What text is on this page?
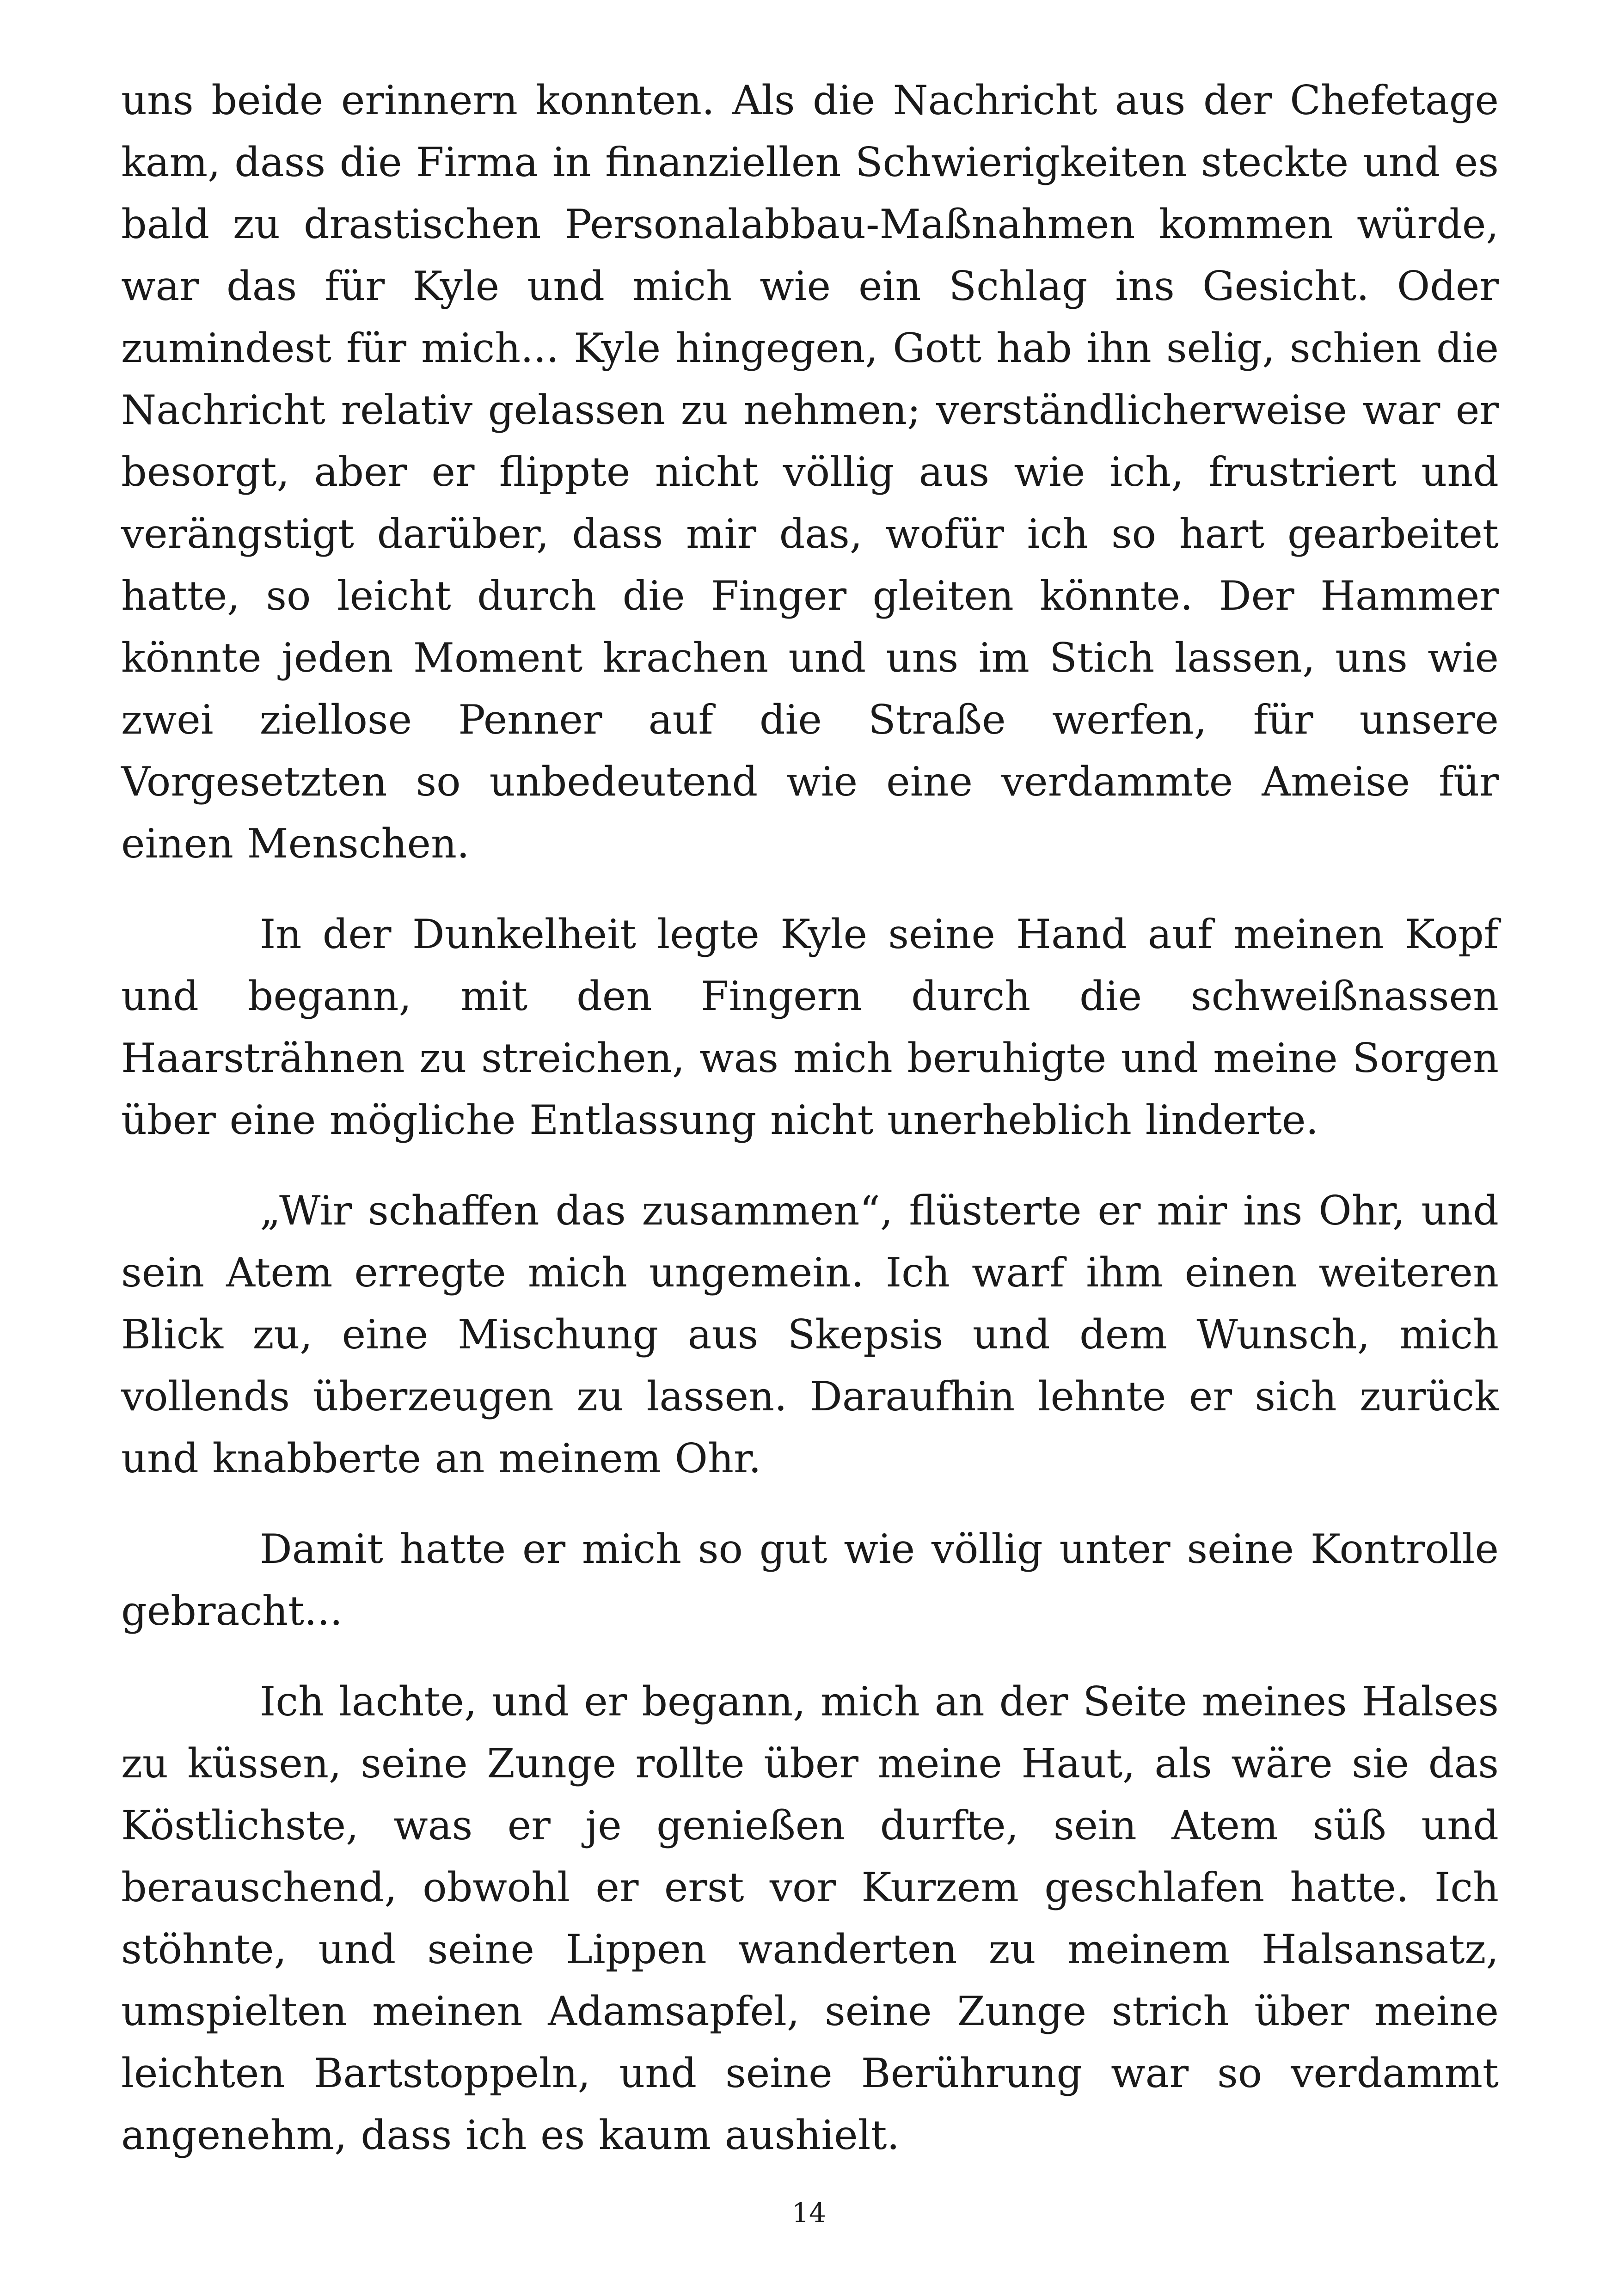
uns beide erinnern konnten. Als die Nachricht aus der Chefetage kam, dass die Firma in finanziellen Schwierigkeiten steckte und es bald zu drastischen Personalabbau-Maßnahmen kommen würde, war das für Kyle und mich wie ein Schlag ins Gesicht. Oder zumindest für mich... Kyle hingegen, Gott hab ihn selig, schien die Nachricht relativ gelassen zu nehmen; verständlicherweise war er besorgt, aber er flippte nicht völlig aus wie ich, frustriert und verängstigt darüber, dass mir das, wofür ich so hart gearbeitet hatte, so leicht durch die Finger gleiten könnte. Der Hammer könnte jeden Moment krachen und uns im Stich lassen, uns wie zwei ziellose Penner auf die Straße werfen, für unsere Vorgesetzten so unbedeutend wie eine verdammte Ameise für einen Menschen.

In der Dunkelheit legte Kyle seine Hand auf meinen Kopf und begann, mit den Fingern durch die schweißnassen Haarsträhnen zu streichen, was mich beruhigte und meine Sorgen über eine mögliche Entlassung nicht unerheblich linderte.

„Wir schaffen das zusammen“, flüsterte er mir ins Ohr, und sein Atem erregte mich ungemein. Ich warf ihm einen weiteren Blick zu, eine Mischung aus Skepsis und dem Wunsch, mich vollends überzeugen zu lassen. Daraufhin lehnte er sich zurück und knabberte an meinem Ohr.

Damit hatte er mich so gut wie völlig unter seine Kontrolle gebracht...

Ich lachte, und er begann, mich an der Seite meines Halses zu küssen, seine Zunge rollte über meine Haut, als wäre sie das Köstlichste, was er je genießen durfte, sein Atem süß und berauschend, obwohl er erst vor Kurzem geschlafen hatte. Ich stöhnte, und seine Lippen wanderten zu meinem Halsansatz, umspielten meinen Adamsapfel, seine Zunge strich über meine leichten Bartstoppeln, und seine Berührung war so verdammt angenehm, dass ich es kaum aushielt.

14
